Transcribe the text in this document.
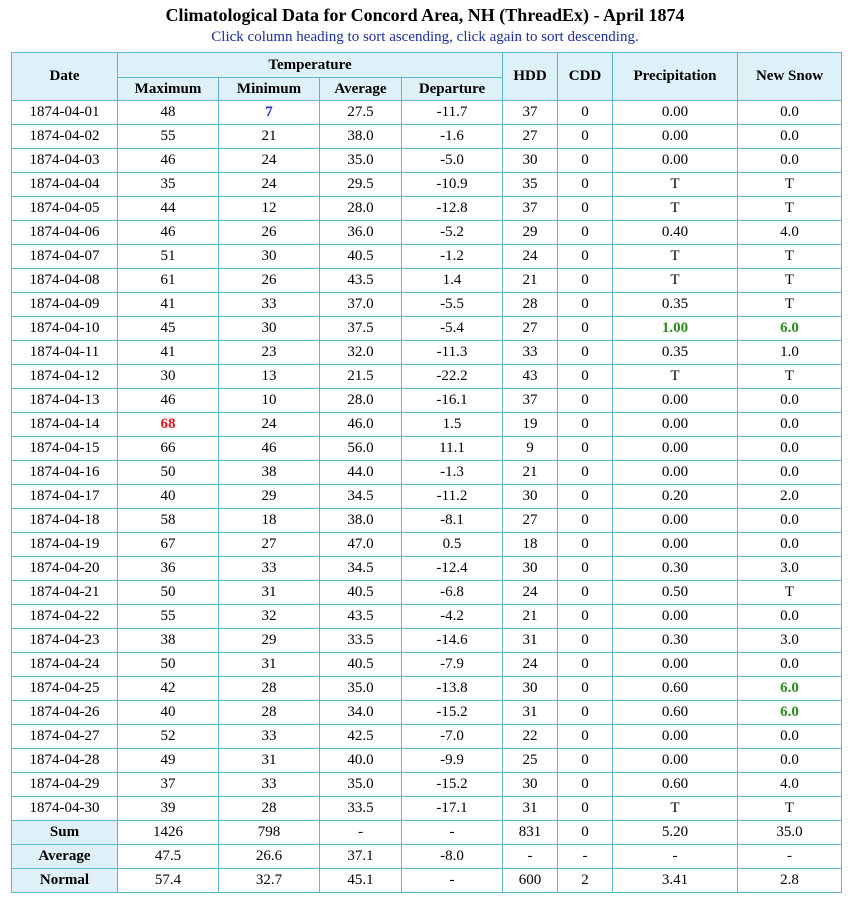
Climatological Data for Concord Area, NH (ThreadEx) - April 1874
Click column heading to sort ascending, click again to sort descending.
Date	Temperature				HDD	CDD	Precipitation	New Snow
	Maximum	Minimum	Average	Departure				
1874-04-01	48	7	27.5	-11.7	37	0	0.00	0.0
1874-04-02	55	21	38.0	-1.6	27	0	0.00	0.0
1874-04-03	46	24	35.0	-5.0	30	0	0.00	0.0
1874-04-04	35	24	29.5	-10.9	35	0	T	T
1874-04-05	44	12	28.0	-12.8	37	0	T	T
1874-04-06	46	26	36.0	-5.2	29	0	0.40	4.0
1874-04-07	51	30	40.5	-1.2	24	0	T	T
1874-04-08	61	26	43.5	1.4	21	0	T	T
1874-04-09	41	33	37.0	-5.5	28	0	0.35	T
1874-04-10	45	30	37.5	-5.4	27	0	1.00	6.0
1874-04-11	41	23	32.0	-11.3	33	0	0.35	1.0
1874-04-12	30	13	21.5	-22.2	43	0	T	T
1874-04-13	46	10	28.0	-16.1	37	0	0.00	0.0
1874-04-14	68	24	46.0	1.5	19	0	0.00	0.0
1874-04-15	66	46	56.0	11.1	9	0	0.00	0.0
1874-04-16	50	38	44.0	-1.3	21	0	0.00	0.0
1874-04-17	40	29	34.5	-11.2	30	0	0.20	2.0
1874-04-18	58	18	38.0	-8.1	27	0	0.00	0.0
1874-04-19	67	27	47.0	0.5	18	0	0.00	0.0
1874-04-20	36	33	34.5	-12.4	30	0	0.30	3.0
1874-04-21	50	31	40.5	-6.8	24	0	0.50	T
1874-04-22	55	32	43.5	-4.2	21	0	0.00	0.0
1874-04-23	38	29	33.5	-14.6	31	0	0.30	3.0
1874-04-24	50	31	40.5	-7.9	24	0	0.00	0.0
1874-04-25	42	28	35.0	-13.8	30	0	0.60	6.0
1874-04-26	40	28	34.0	-15.2	31	0	0.60	6.0
1874-04-27	52	33	42.5	-7.0	22	0	0.00	0.0
1874-04-28	49	31	40.0	-9.9	25	0	0.00	0.0
1874-04-29	37	33	35.0	-15.2	30	0	0.60	4.0
1874-04-30	39	28	33.5	-17.1	31	0	T	T
Sum	1426	798	-	-	831	0	5.20	35.0
Average	47.5	26.6	37.1	-8.0	-	-	-	-
Normal	57.4	32.7	45.1	-	600	2	3.41	2.8
